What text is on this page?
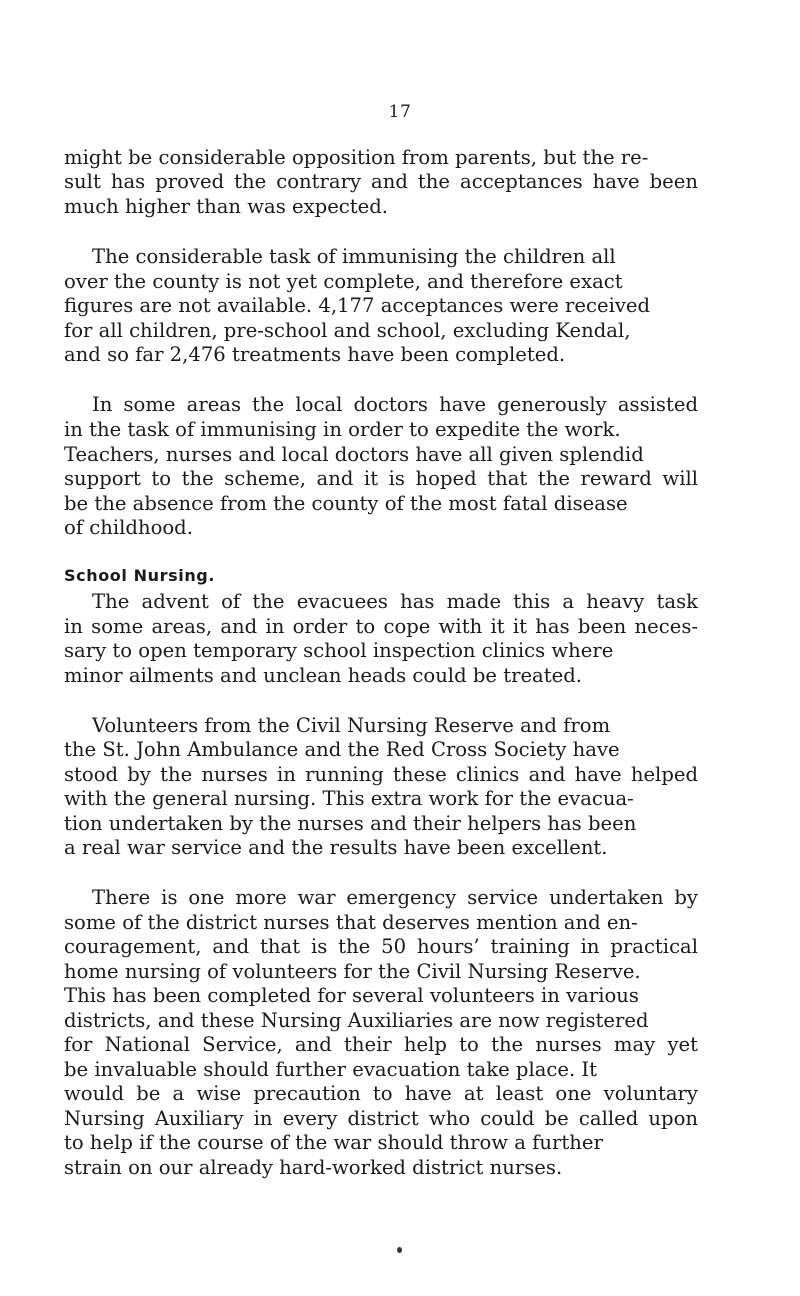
17
might be considerable opposition from parents, but the re-
sult has proved the contrary and the acceptances have been
much higher than was expected.
The considerable task of immunising the children all
over the county is not yet complete, and therefore exact
figures are not available. 4,177 acceptances were received
for all children, pre-school and school, excluding Kendal,
and so far 2,476 treatments have been completed.
In some areas the local doctors have generously assisted
in the task of immunising in order to expedite the work.
Teachers, nurses and local doctors have all given splendid
support to the scheme, and it is hoped that the reward will
be the absence from the county of the most fatal disease
of childhood.
School Nursing.
The advent of the evacuees has made this a heavy task
in some areas, and in order to cope with it it has been neces-
sary to open temporary school inspection clinics where
minor ailments and unclean heads could be treated.
Volunteers from the Civil Nursing Reserve and from
the St. John Ambulance and the Red Cross Society have
stood by the nurses in running these clinics and have helped
with the general nursing. This extra work for the evacua-
tion undertaken by the nurses and their helpers has been
a real war service and the results have been excellent.
There is one more war emergency service undertaken by
some of the district nurses that deserves mention and en-
couragement, and that is the 50 hours’ training in practical
home nursing of volunteers for the Civil Nursing Reserve.
This has been completed for several volunteers in various
districts, and these Nursing Auxiliaries are now registered
for National Service, and their help to the nurses may yet
be invaluable should further evacuation take place. It
would be a wise precaution to have at least one voluntary
Nursing Auxiliary in every district who could be called upon
to help if the course of the war should throw a further
strain on our already hard-worked district nurses.
